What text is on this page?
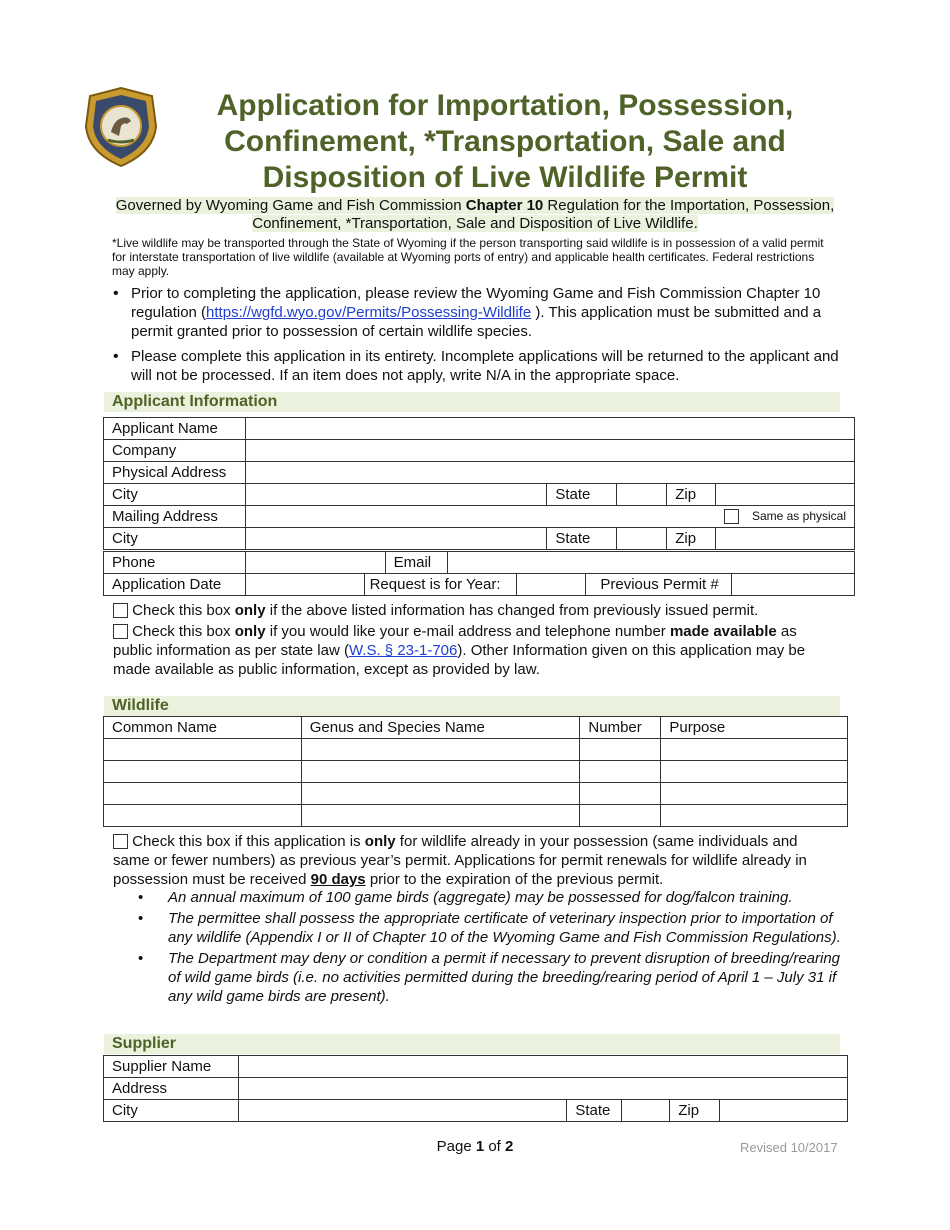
Application for Importation, Possession, Confinement, *Transportation, Sale and Disposition of Live Wildlife Permit
Governed by Wyoming Game and Fish Commission Chapter 10 Regulation for the Importation, Possession, Confinement, *Transportation, Sale and Disposition of Live Wildlife.
*Live wildlife may be transported through the State of Wyoming if the person transporting said wildlife is in possession of a valid permit for interstate transportation of live wildlife (available at Wyoming ports of entry) and applicable health certificates. Federal restrictions may apply.
• Prior to completing the application, please review the Wyoming Game and Fish Commission Chapter 10 regulation (https://wgfd.wyo.gov/Permits/Possessing-Wildlife ). This application must be submitted and a permit granted prior to possession of certain wildlife species.
• Please complete this application in its entirety. Incomplete applications will be returned to the applicant and will not be processed. If an item does not apply, write N/A in the appropriate space.
Applicant Information
Applicant Name					
Company					
Physical Address					
City		State		Zip	
Mailing Address	Same as physical				
City		State		Zip	
Phone		Email	
Application Date		Request is for Year:		Previous Permit #	
Check this box only if the above listed information has changed from previously issued permit.
Check this box only if you would like your e-mail address and telephone number made available as public information as per state law (W.S. § 23-1-706). Other Information given on this application may be made available as public information, except as provided by law.
Wildlife
Common Name	Genus and Species Name	Number	Purpose

Check this box if this application is only for wildlife already in your possession (same individuals and same or fewer numbers) as previous year’s permit. Applications for permit renewals for wildlife already in possession must be received 90 days prior to the expiration of the previous permit.
• An annual maximum of 100 game birds (aggregate) may be possessed for dog/falcon training.
• The permittee shall possess the appropriate certificate of veterinary inspection prior to importation of any wildlife (Appendix I or II of Chapter 10 of the Wyoming Game and Fish Commission Regulations).
• The Department may deny or condition a permit if necessary to prevent disruption of breeding/rearing of wild game birds (i.e. no activities permitted during the breeding/rearing period of April 1 – July 31 if any wild game birds are present).
Supplier
Supplier Name					
Address					
City		State		Zip	
Page 1 of 2	Revised 10/2017
